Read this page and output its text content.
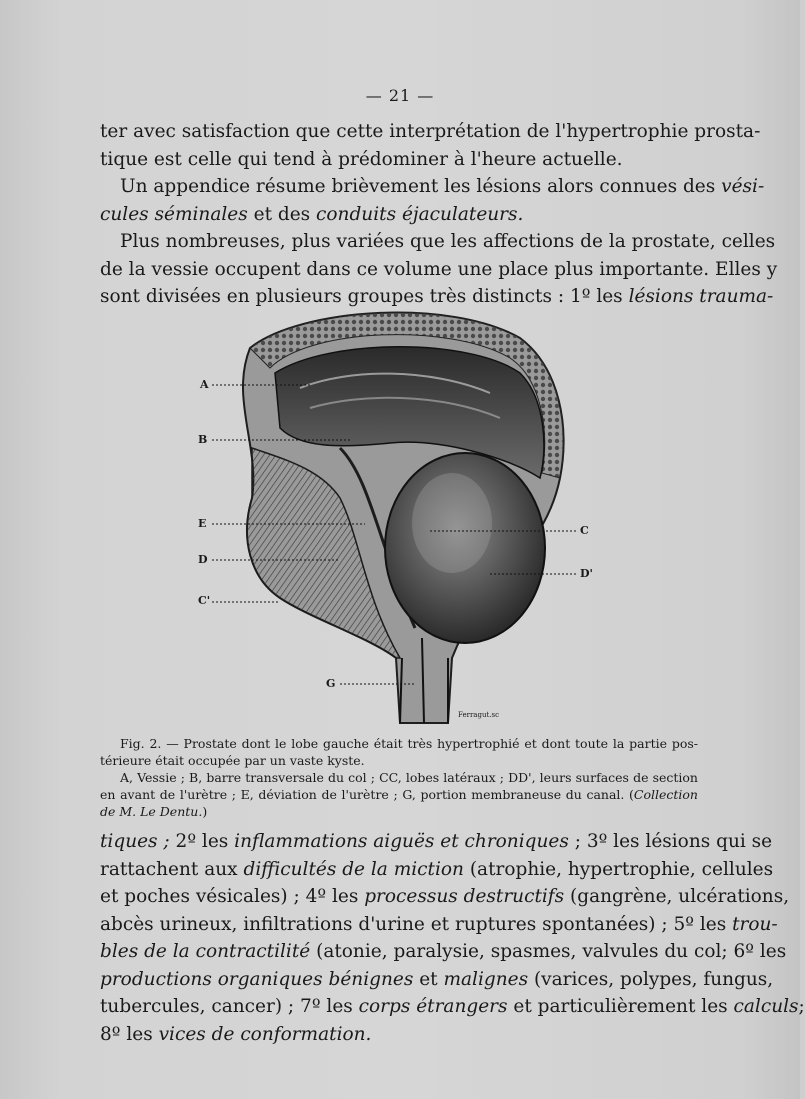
— 21 —
ter avec satisfaction que cette interprétation de l'hypertrophie prosta-
tique est celle qui tend à prédominer à l'heure actuelle.
Un appendice résume brièvement les lésions alors connues des vési-
cules séminales et des conduits éjaculateurs.
Plus nombreuses, plus variées que les affections de la prostate, celles
de la vessie occupent dans ce volume une place plus importante. Elles y
sont divisées en plusieurs groupes très distincts : 1º les lésions trauma-
A
B
E
D
C'
G
C
D'
Ferragut.sc
Fig. 2. — Prostate dont le lobe gauche était très hypertrophié et dont toute la partie pos-
térieure était occupée par un vaste kyste.
A, Vessie ; B, barre transversale du col ; CC, lobes latéraux ; DD', leurs surfaces de section
en avant de l'urètre ; E, déviation de l'urètre ; G, portion membraneuse du canal. (Collection
de M. Le Dentu.)
tiques ; 2º les inflammations aiguës et chroniques ; 3º les lésions qui se
rattachent aux difficultés de la miction (atrophie, hypertrophie, cellules
et poches vésicales) ; 4º les processus destructifs (gangrène, ulcérations,
abcès urineux, infiltrations d'urine et ruptures spontanées) ; 5º les trou-
bles de la contractilité (atonie, paralysie, spasmes, valvules du col; 6º les
productions organiques bénignes et malignes (varices, polypes, fungus,
tubercules, cancer) ; 7º les corps étrangers et particulièrement les calculs;
8º les vices de conformation.
